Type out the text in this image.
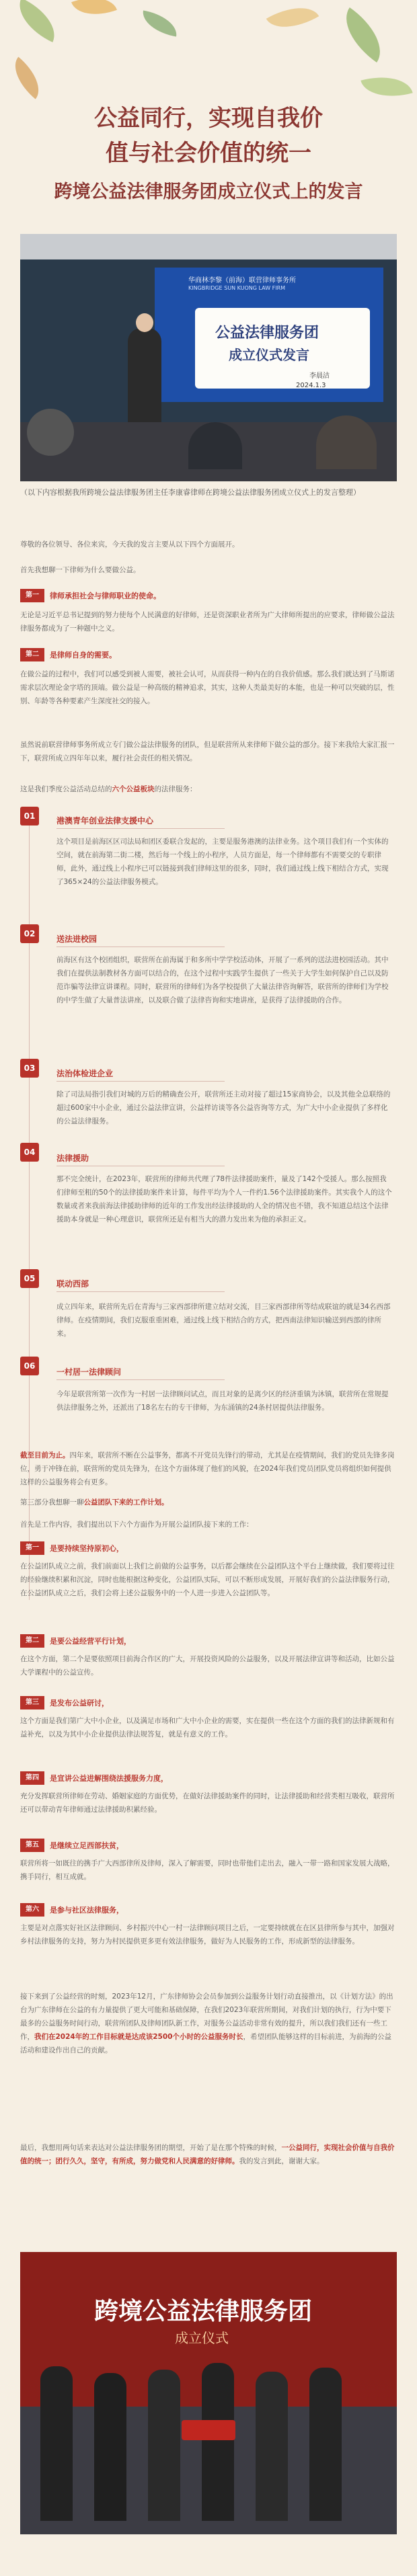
公益同行，实现自我价
值与社会价值的统一
跨境公益法律服务团成立仪式上的发言
华商林李黎（前海）联营律师事务所
KINGBRIDGE SUN KUONG LAW FIRM
公益法律服务团
成立仪式发言
李晨洁
2024.1.3
（以下内容根据我所跨境公益法律服务团主任李康睿律师在跨境公益法律服务团成立仪式上的发言整理）

尊敬的各位领导、各位来宾，今天我的发言主要从以下四个方面展开。

首先我想聊一下律师为什么要做公益。

第一	律师承担社会与律师职业的使命。

无论是习近平总书记提到的努力使每个人民满意的好律师，还是资深职业者所为广大律师所提出的应要求，律师做公益法律服务都成为了一种题中之义。

第二	是律师自身的需要。

在做公益的过程中，我们可以感受到被人需要，被社会认可，从而获得一种内在的自我价值感。那么我们就达到了马斯诺需求层次理论金字塔的顶端。做公益是一种高级的精神追求，其实，这种人类最美好的本能，也是一种可以突破的层，性别、年龄等各种要素产生深度社交的接入。

虽然说前联营律师事务所成立专门做公益法律服务的团队，但是联营所从来律师下做公益的部分。接下来我给大家汇报一下，联营所成立四年年以来，履行社会责任的相关情况。

这是我们季度公益活动总结的六个公益板块的法律服务：

01	港澳青年创业法律支援中心

这个项目是前海区区司法局和团区委联合发起的，主要是服务港澳的法律业务。这个项目我们有一个实体的空间，就在前海第二街二楼，然后每一个线上的小程序，人员方面是，每一个律师都有不需要交的专职律师，此外，通过线上小程序已可以链接到我们律师这里的很多，同时，我们通过线上线下相结合方式，实现了365×24的公益法律服务模式。

02
送法进校园

前海区有这个校团组织，联营所在前海属于和多所中学学校活动体，开展了一系列的送法进校园活动。其中我们在提供法制教材各方面可以结合的，在这个过程中实践学生提供了一些关于大学生如何保护自己以及防范诈骗等法律宣讲课程。同时，联营所的律师们为各学校提供了大量法律咨询解答，联营所的律师们为学校的中学生做了大量普法讲座，以及联合做了法律咨询和实地讲座，是获得了法律援助的合作。

03
法治体检进企业

除了司法局指引我们对城的万后的精确查公开，联营所还主动对接了超过15家商协会，以及其他全总联络的超过600家中小企业，通过公益法律宣讲，公益样访谈等各公益咨询等方式，为广大中小企业提供了多样化的公益法律服务。

04
法律援助

那不完全统计，在2023年，联营所的律师共代理了78件法律援助案件，量及了142个受援人。那么按照我们律师至粗的50个的法律援助案件来计算，每件平均为个人一件约1.56个法律援助案件。其实我个人的这个数量或者来我前海法律援助律师的近年的工作发出经法律援助的人全的情况也不错，我不知道总结这个法律援助本身就是一种心理意识，联营所还是有相当大的潜力发出来为他的承担正义。

05
联动西部

成立四年来，联营所先后在青海与三家西部律所建立结对交流，目三家西部律所等结成联谊的就是34名西部律师。在疫情期间，我们克服重重困难，通过线上线下相结合的方式，把西南法律知识输送到西部的律所来。

06
一村居一法律顾问

今年是联营所第一次作为一村居一法律顾问试点，而且对象的是离少区的经济重镇为沐镇，联营所在常规提供法律服务之外，还派出了18名左右的专干律师，为东涌镇的24条村居提供法律服务。

截至目前为止。四年来，联营所不断在公益事务，都离不开党员先锋行的带动，尤其是在疫情期间，我们的党员先锋多岗位，勇于冲锋在前，联营所的党员先锋为，在这个方面体现了他们的风貌，在2024年我们党员团队党员将组织如何提供这样的公益服务将会有更多。

第三部分我想聊一聊公益团队下来的工作计划。

首先是工作内容，我们提出以下六个方面作为开展公益团队接下来的工作：

第一	是要持续坚持原初心，

在公益团队成立之前，我们前面以上我们之前做的公益事务，以后都会继续在公益团队这个平台上继续做，我们要将过往的经验继续积累和沉淀，同时也能根据这种变化，公益团队实际，可以不断形成发展，开展好我们的公益法律服务行动，在公益团队成立之后，我们会将上述公益服务中的一个人进一步进入公益团队等。

第二	是要公益经营平行计划，

在这个方面，第二个是要依照项目前海合作区的广大，开展投资风险的公益服务，以及开展法律宣讲等和活动，比如公益大学课程中的公益宣传。

第三	是发布公益研讨，

这个方面是我们第广大中小企业，以及满足市场和广大中小企业的需要，实在提供一些在这个方面的我们的法律新规和有益补充，以及为其中小企业提供法律法规答复，就是有意义的工作。

第四	是宣讲公益进解围绕法援服务力度，

充分发挥联营所律师在劳动、婚姻家庭的方面优势，在做好法律援助案件的同时，让法律援助和经营类相互吸收，联营所还可以带动青年律师通过法律援助积累经验。

第五	是继续立足西部扶贫，

联营所将一如既往的携手广大西部律所及律师，深入了解需要，同时也带他们走出去，融入一带一路和国家发展大战略，携手同行，相互成就。

第六	是参与社区法律服务，

主要是对点落实好社区法律顾问、乡村振兴中心一村一法律顾问项目之后，一定要持续就在在区县律所参与其中，加强对乡村法律服务的支持，努力为村民提供更多更有效法律服务，做好为人民服务的工作，形成新型的法律服务。

接下来到了公益经营的时刻，2023年12月，广东律师协会会员参加到公益服务计划行动直接推出，以《计划方法》的出台为广东律师在公益的有力量提供了更大可能和基础保障，在我们2023年联营所期间，对我们计划的执行，行为中要下最多的公益服务时间行动，联营所团队及律师团队新工作，对服务公益活动非常有效的提升，所以我们我们还有一些工作，我们在2024年的工作目标就是达成该2500个小时的公益服务时长，希望团队能够这样的目标前进，为前海的公益活动和建设作出自己的贡献。

最后，我想用两句话来表达对公益法律服务团的期望，开始了是在那个特殊的时候，一公益同行，实现社会价值与自我价值的统一；团行久久，坚守，有所成，努力做党和人民满意的好律师。我的发言到此，谢谢大家。

跨境公益法律服务团
成立仪式
